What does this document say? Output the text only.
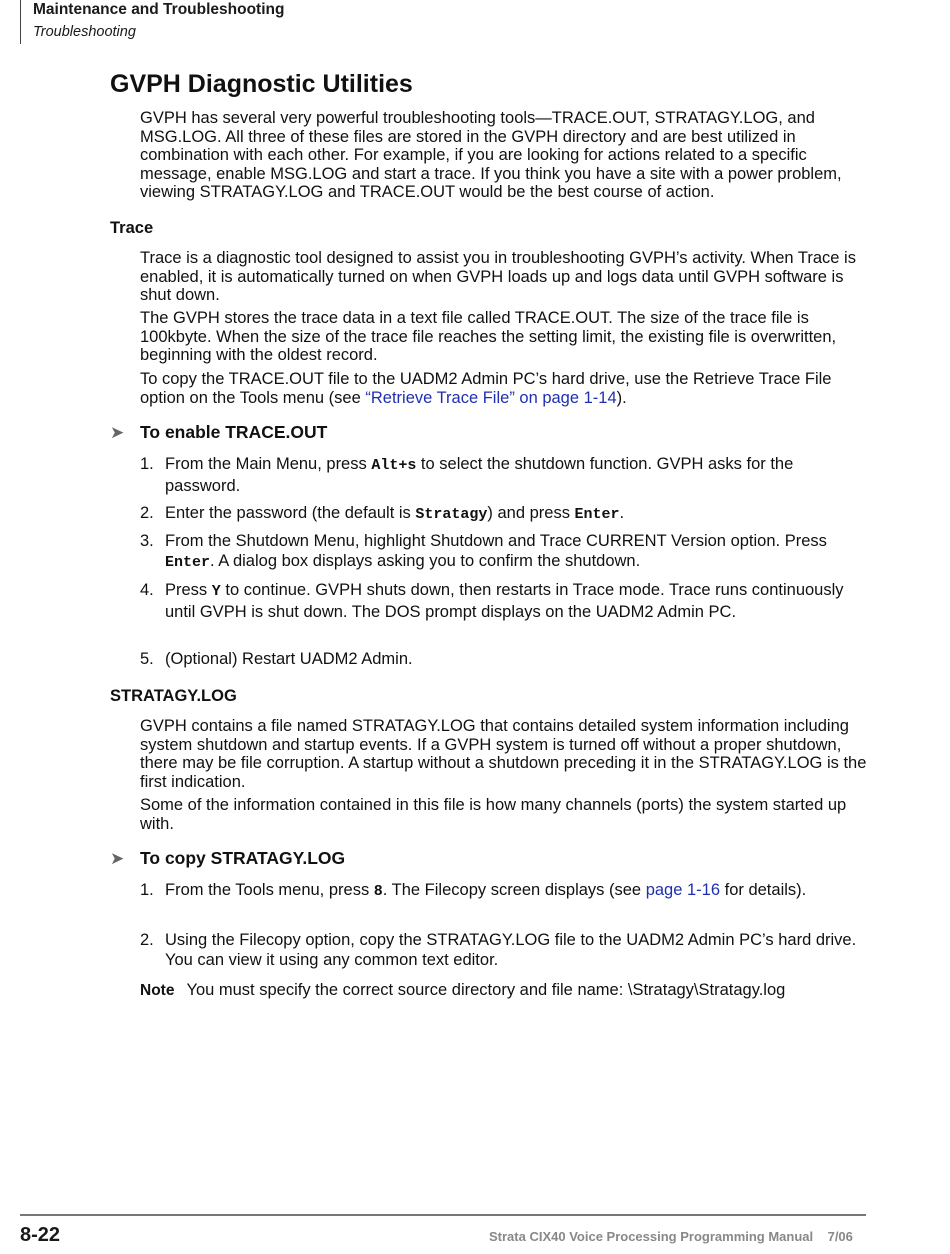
Maintenance and Troubleshooting
Troubleshooting
GVPH Diagnostic Utilities

GVPH has several very powerful troubleshooting tools—TRACE.OUT, STRATAGY.LOG, and MSG.LOG. All three of these files are stored in the GVPH directory and are best utilized in combination with each other. For example, if you are looking for actions related to a specific message, enable MSG.LOG and start a trace. If you think you have a site with a power problem, viewing STRATAGY.LOG and TRACE.OUT would be the best course of action.

Trace

Trace is a diagnostic tool designed to assist you in troubleshooting GVPH’s activity. When Trace is enabled, it is automatically turned on when GVPH loads up and logs data until GVPH software is shut down.

The GVPH stores the trace data in a text file called TRACE.OUT. The size of the trace file is 100kbyte. When the size of the trace file reaches the setting limit, the existing file is overwritten, beginning with the oldest record.

To copy the TRACE.OUT file to the UADM2 Admin PC’s hard drive, use the Retrieve Trace File option on the Tools menu (see “Retrieve Trace File” on page 1-14).

➤ To enable TRACE.OUT
1. From the Main Menu, press Alt+s to select the shutdown function. GVPH asks for the password.
2. Enter the password (the default is Stratagy) and press Enter.
3. From the Shutdown Menu, highlight Shutdown and Trace CURRENT Version option. Press Enter. A dialog box displays asking you to confirm the shutdown.
4. Press Y to continue. GVPH shuts down, then restarts in Trace mode. Trace runs continuously until GVPH is shut down. The DOS prompt displays on the UADM2 Admin PC.
5. (Optional) Restart UADM2 Admin.
STRATAGY.LOG

GVPH contains a file named STRATAGY.LOG that contains detailed system information including system shutdown and startup events. If a GVPH system is turned off without a proper shutdown, there may be file corruption. A startup without a shutdown preceding it in the STRATAGY.LOG is the first indication.

Some of the information contained in this file is how many channels (ports) the system started up with.

➤ To copy STRATAGY.LOG
1. From the Tools menu, press 8. The Filecopy screen displays (see page 1-16 for details).
2. Using the Filecopy option, copy the STRATAGY.LOG file to the UADM2 Admin PC’s hard drive. You can view it using any common text editor.
Note You must specify the correct source directory and file name: \Stratagy\Stratagy.log
8-22	Strata CIX40 Voice Processing Programming Manual    7/06
